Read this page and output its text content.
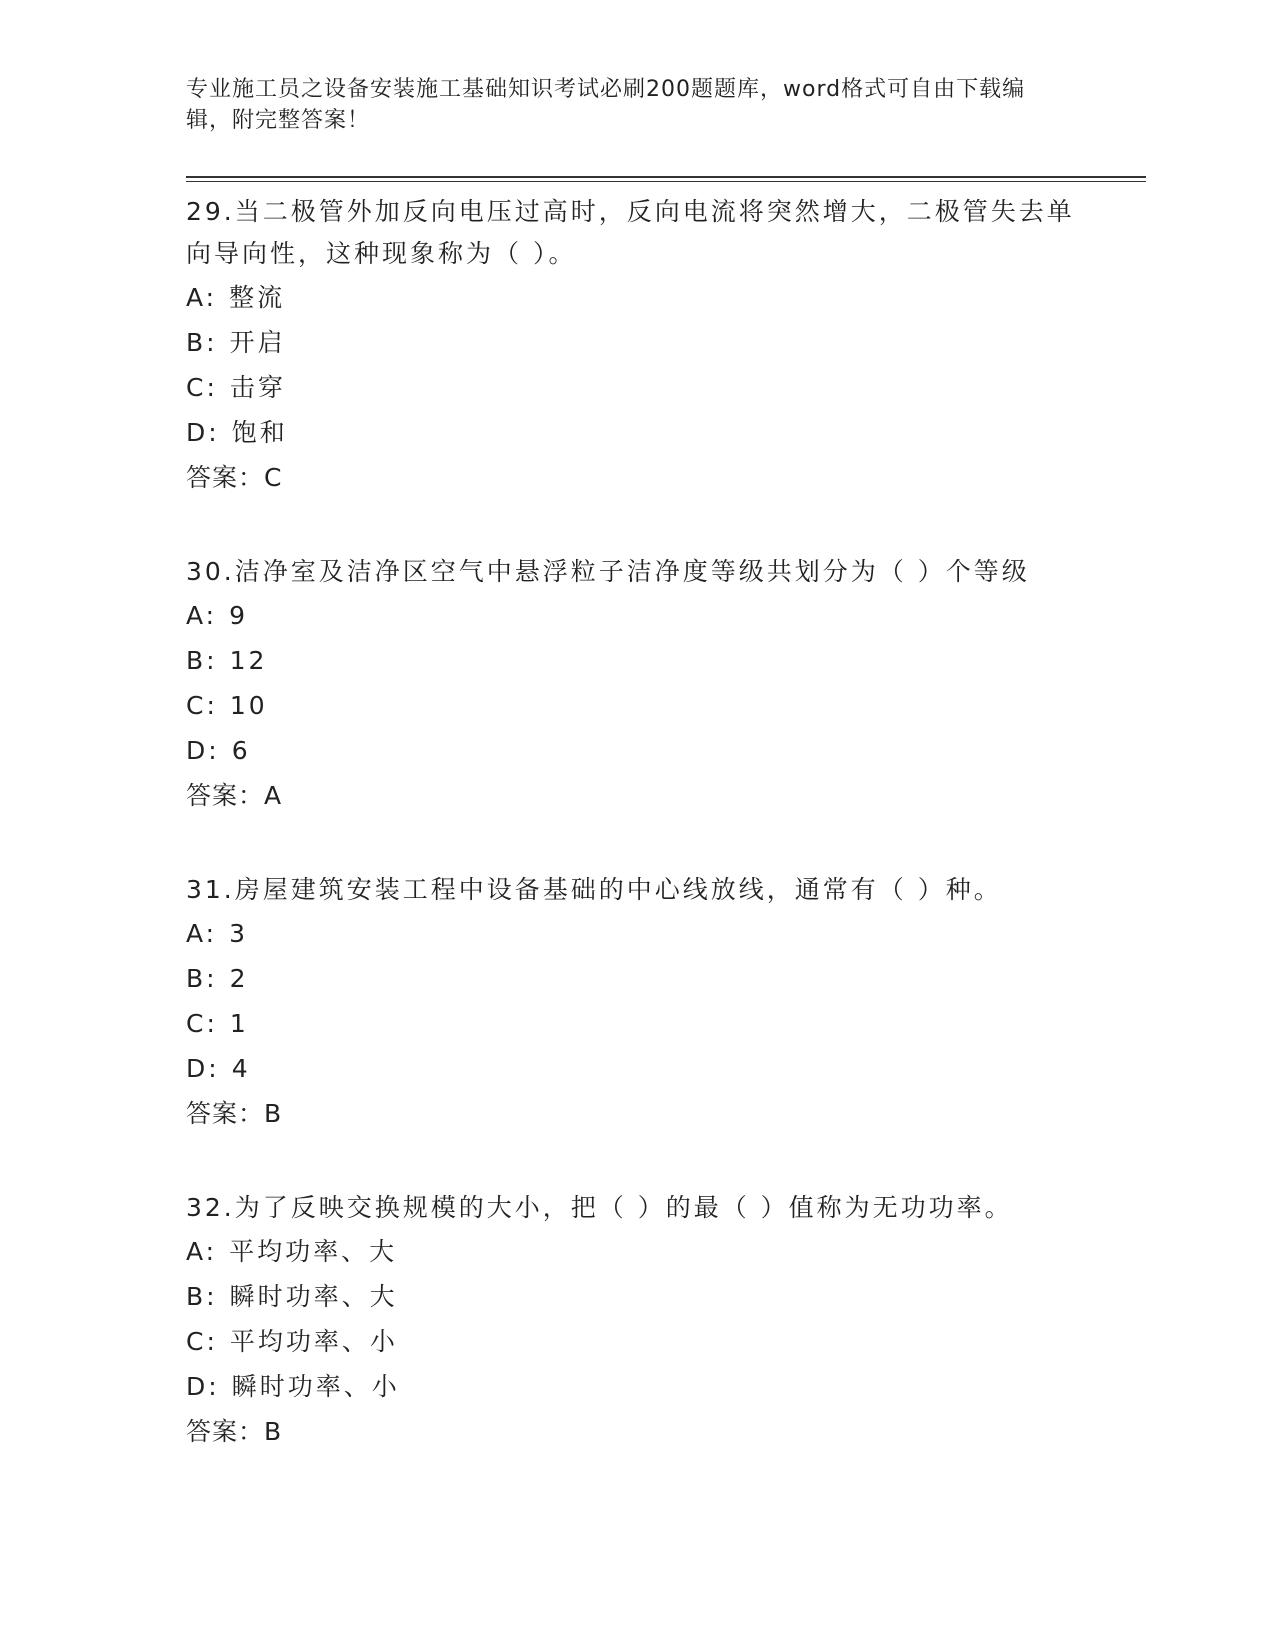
专业施工员之设备安装施工基础知识考试必刷200题题库，word格式可自由下载编辑，附完整答案！
29.当二极管外加反向电压过高时，反向电流将突然增大，二极管失去单向导向性，这种现象称为（ ）。
A: 整流
B: 开启
C: 击穿
D: 饱和
答案：C
30.洁净室及洁净区空气中悬浮粒子洁净度等级共划分为（ ）个等级
A: 9
B: 12
C: 10
D: 6
答案：A
31.房屋建筑安装工程中设备基础的中心线放线，通常有（ ）种。
A: 3
B: 2
C: 1
D: 4
答案：B
32.为了反映交换规模的大小，把（ ）的最（ ）值称为无功功率。
A: 平均功率、大
B: 瞬时功率、大
C: 平均功率、小
D: 瞬时功率、小
答案：B
